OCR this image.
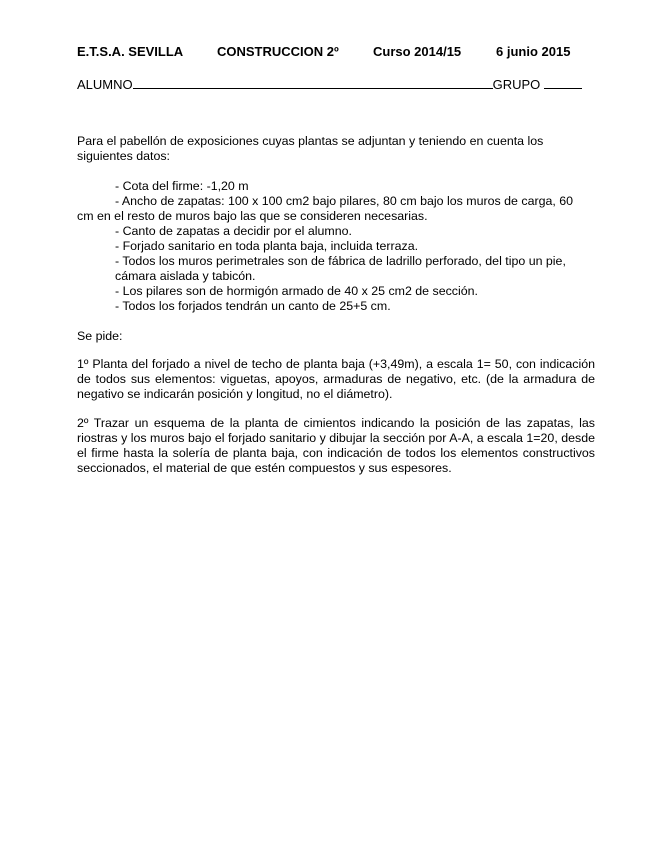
E.T.S.A. SEVILLA	CONSTRUCCION 2º	Curso 2014/15	6 junio 2015
ALUMNO	GRUPO
Para el pabellón de exposiciones cuyas plantas se adjuntan y teniendo en cuenta los siguientes datos:
- Cota del firme: -1,20 m
- Ancho de zapatas: 100 x 100 cm2 bajo pilares, 80 cm bajo los muros de carga, 60
cm en el resto de muros bajo las que se consideren necesarias.
- Canto de zapatas a decidir por el alumno.
- Forjado sanitario en toda planta baja, incluida terraza.
- Todos los muros perimetrales son de fábrica de ladrillo perforado, del tipo un pie, cámara aislada y tabicón.
- Los pilares son de hormigón armado de 40 x 25 cm2 de sección.
- Todos los forjados tendrán un canto de 25+5 cm.
Se pide:
1º Planta del forjado a nivel de techo de planta baja (+3,49m), a escala 1= 50, con indicación de todos sus elementos: viguetas, apoyos, armaduras de negativo, etc. (de la armadura de negativo se indicarán posición y longitud, no el diámetro).
2º Trazar un esquema de la planta de cimientos indicando la posición de las zapatas, las riostras y los muros bajo el forjado sanitario y dibujar la sección por A-A, a escala 1=20, desde el firme hasta la solería de planta baja, con indicación de todos los elementos constructivos seccionados, el material de que estén compuestos y sus espesores.
